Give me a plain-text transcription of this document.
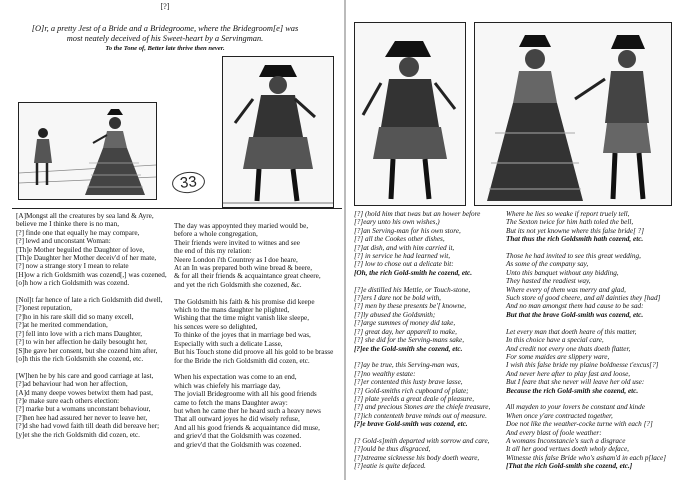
[?]
[O]r, a pretty Jest of a Bride and a Bridegroome, where the Bridegroom[e] was
most neately deceived of his Sweet-heart by a Servingman.
To the Tone of, Better late thrive then never.
33

[A]Mongst all the creatures by sea land & Ayre,

believe me I thinke there is no man,

[?] finde one that equally he may compare,

[?] lewd and unconstant Woman:

[Th]e Mother beguiled the Daughter of love,

[Th]e Daughter her Mother deceiv'd of her mate,

[?] now a strange story I mean to relate

[H]ow a rich Goldsmith was cozend[,] was cozened,

[o]h how a rich Goldsmith was cozend.

[Nol]t far hence of late a rich Goldsmith did dwell,

[?]onest reputation,

[?]ho in his rare skill did so many excell,

[?]at he merited commendation,

[?] fell into love with a rich mans Daughter,

[?] to win her affection he daily besought her,

[S]he gave her consent, but she cozend him after,

[o]h this the rich Goldsmith she cozend, etc.

[W]hen he by his care and good carriage at last,

[?]ad behaviour had won her affection,

[A]d many deepe vowes betwixt them had past,

[?]e make sure each others election:

[?] marke but a womans unconstant behaviour,

[?]hen hee had assured her never to leave her,

[?]d she had vowd faith till death did bereave her;

[y]et she the rich Goldsmith did cozen, etc.

The day was appoynted they maried would be,

before a whole congregation,

Their friends were invited to witnes and see

the end of this my relation:

Neere London i'th Countrey as I doe heare,

At an In was prepared both wine bread & beere,

& for all their friends & acquaintance great cheere,

and yet the rich Goldsmith she cozened, &c.

The Goldsmith his faith & his promise did keepe

which to the mans daughter he plighted,

Wishing that the time might vanish like sleepe,

his sences were so delighted,

To thinke of the joyes that in marriage bed was,

Especially with such a delicate Lasse,

But his Touch stone did proove all his gold to be brasse

for the Bride the rich Goldsmith did cozen, etc.

When his expectation was come to an end,

which was chiefely his marriage day,

The joviall Bridegroome with all his good friends

came to fetch the mans Daughter away:

but when he came ther he heard such a heavy news

That all outward joyes he did wisely refuse,

And all his good friends & acquaintance did muse,

and griev'd that the Goldsmith was cozened.

and griev'd that the Goldsmith was cozened.

[?] (hold him that twas but an hower before

[?]eary unto his own wishes,)

[?]an Serving-man for his own store,

[?] all the Cookes other dishes,

[?]at dish, and with him carried it,

[?] in service he had learned wit,

[?] low to chose out a delicate bit:

[Oh, the rich Gold-smith he cozend, etc.

[?]e distilled his Mettle, or Touch-stone,

[?]ers I dare not be bold with,

[?] men by these presents be'[ knowne,

[?]ly abused the Goldsmith;

[?]arge summes of money did take,

[?] great day, her apparell to make,

[?] she did for the Serving-mans sake,

[?]ee the Gold-smith she cozend, etc.

[?]ay be true, this Serving-man was,

[?]no wealthy estate:

[?]er contented this lusty brave lasse,

[?] Gold-smiths rich cupboard of plate;

[?] plate yeelds a great deale of pleasure,

[?] and precious Stones are the chiefe treasure,

[?]ich contenteth brave minds out of measure.

[?]e brave Gold-smith was cozend, etc.

[? Gold-s]mith departed with sorrow and care,

[?]ould be thus disgraced,

[?]xtreame sicknesse his body doeth weare,

[?]eatie is quite defaced.

Where he lies so weake if report truely tell,

The Sexton twice for him hath toled the bell,

But its not yet knowne where this false bride[ ?]

That thus the rich Goldsmith hath cozend, etc.

Those he had invited to see this great wedding,

As some of the company say,

Unto this banquet without any bidding,

They hasted the readiest way,

Where every of them was merry and glad,

Such store of good cheere, and all dainties they [had]

And no man amongst them had cause to be sad:

But that the brave Gold-smith was cozend, etc.

Let every man that doeth heare of this matter,

In this choice have a special care,

And credit not every one thats doeth flatter,

For some maides are slippery ware,

I wish this false bride my plaine boldnesse t'excus[?]

And never here after to play fast and loose,

But I feare that she never will leave her old use:

Because the rich Gold-smith she cozend, etc.

All mayden to your lovers be constant and kinde

When once y'are contracted together,

Doe not like the weather-cocke turne with each [?]

And every blast of foole weather:

A womans Inconstancie's such a disgrace

It all her good vertues doeth wholy deface,

Witnesse this false Bride who's asham'd in each p[lace]

[That the rich Gold-smith she cozend, etc.]
